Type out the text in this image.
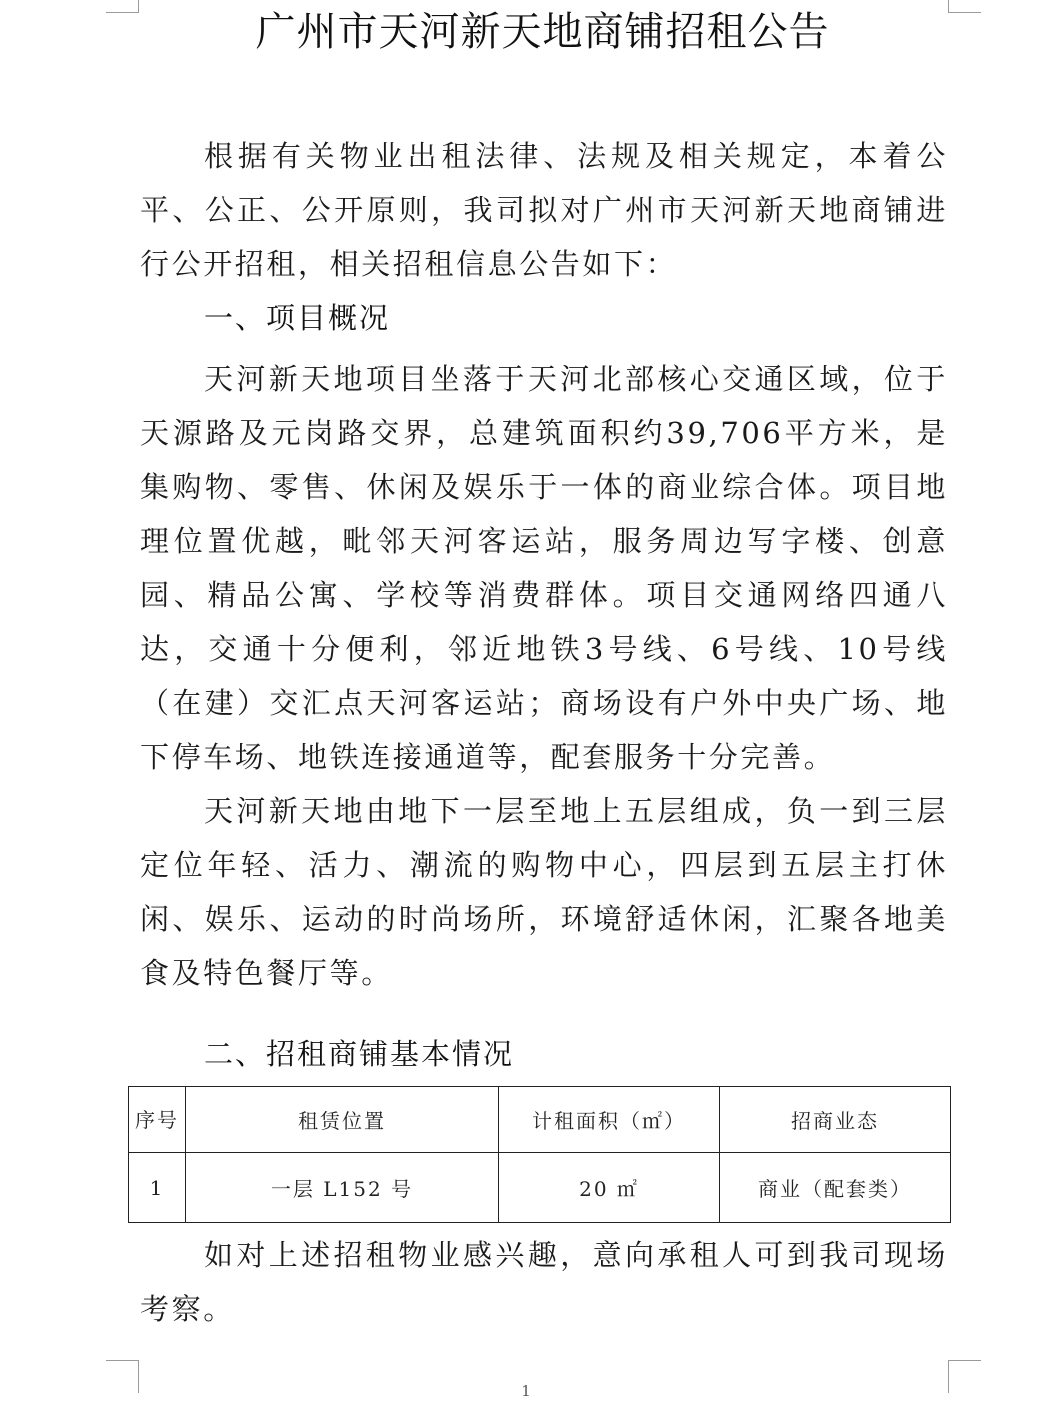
广州市天河新天地商铺招租公告

根据有关物业出租法律、法规及相关规定，本着公平、公正、公开原则，我司拟对广州市天河新天地商铺进行公开招租，相关招租信息公告如下：

一、项目概况

天河新天地项目坐落于天河北部核心交通区域，位于天源路及元岗路交界，总建筑面积约39,706平方米，是集购物、零售、休闲及娱乐于一体的商业综合体。项目地理位置优越，毗邻天河客运站，服务周边写字楼、创意园、精品公寓、学校等消费群体。项目交通网络四通八达，交通十分便利，邻近地铁3号线、6号线、10号线（在建）交汇点天河客运站；商场设有户外中央广场、地下停车场、地铁连接通道等，配套服务十分完善。

天河新天地由地下一层至地上五层组成，负一到三层定位年轻、活力、潮流的购物中心，四层到五层主打休闲、娱乐、运动的时尚场所，环境舒适休闲，汇聚各地美食及特色餐厅等。

二、招租商铺基本情况
序号	租赁位置	计租面积（㎡）	招商业态
1	一层 L152 号	20 ㎡	商业（配套类）

如对上述招租物业感兴趣，意向承租人可到我司现场考察。

1
